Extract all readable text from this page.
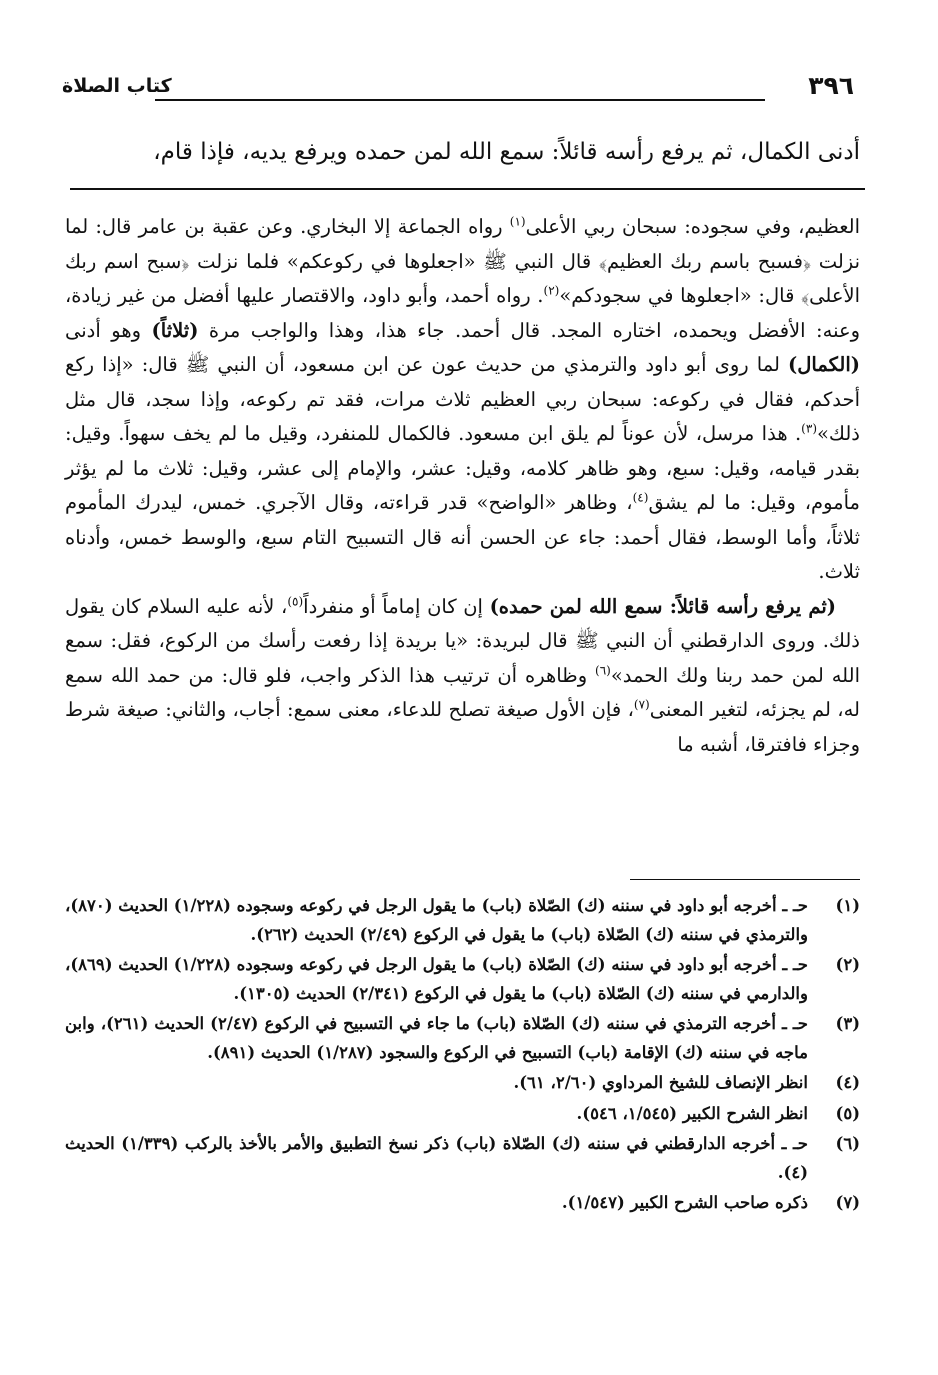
٣٩٦
كتاب الصلاة
أدنى الكمال، ثم يرفع رأسه قائلاً: سمع الله لمن حمده ويرفع يديه، فإذا قام،

العظيم، وفي سجوده: سبحان ربي الأعلى$^{(١)}$ رواه الجماعة إلا البخاري. وعن عقبة بن عامر قال: لما نزلت ﴿فسبح باسم ربك العظيم﴾ قال النبي ﷺ «اجعلوها في ركوعكم» فلما نزلت ﴿سبح اسم ربك الأعلى﴾ قال: «اجعلوها في سجودكم»$^{(٢)}$. رواه أحمد، وأبو داود، والاقتصار عليها أفضل من غير زيادة، وعنه: الأفضل ويحمده، اختاره المجد. قال أحمد. جاء هذا، وهذا والواجب مرة (ثلاثاً) وهو أدنى (الكمال) لما روى أبو داود والترمذي من حديث عون عن ابن مسعود، أن النبي ﷺ قال: «إذا ركع أحدكم، فقال في ركوعه: سبحان ربي العظيم ثلاث مرات، فقد تم ركوعه، وإذا سجد، قال مثل ذلك»$^{(٣)}$. هذا مرسل، لأن عوناً لم يلق ابن مسعود. فالكمال للمنفرد، وقيل ما لم يخف سهواً. وقيل: بقدر قيامه، وقيل: سبع، وهو ظاهر كلامه، وقيل: عشر، والإمام إلى عشر، وقيل: ثلاث ما لم يؤثر مأموم، وقيل: ما لم يشق$^{(٤)}$، وظاهر «الواضح» قدر قراءته، وقال الآجري. خمس، ليدرك المأموم ثلاثاً، وأما الوسط، فقال أحمد: جاء عن الحسن أنه قال التسبيح التام سبع، والوسط خمس، وأدناه ثلاث.

(ثم يرفع رأسه قائلاً: سمع الله لمن حمده) إن كان إماماً أو منفرداً$^{(٥)}$، لأنه عليه السلام كان يقول ذلك. وروى الدارقطني أن النبي ﷺ قال لبريدة: «يا بريدة إذا رفعت رأسك من الركوع، فقل: سمع الله لمن حمد ربنا ولك الحمد»$^{(٦)}$ وظاهره أن ترتيب هذا الذكر واجب، فلو قال: من حمد الله سمع له، لم يجزئه، لتغير المعنى$^{(٧)}$، فإن الأول صيغة تصلح للدعاء، معنى سمع: أجاب، والثاني: صيغة شرط وجزاء فافترقا، أشبه ما

(١)
حـ ـ أخرجه أبو داود في سننه (ك) الصّلاة (باب) ما يقول الرجل في ركوعه وسجوده (١/٢٢٨) الحديث (٨٧٠)، والترمذي في سننه (ك) الصّلاة (باب) ما يقول في الركوع (٢/٤٩) الحديث (٢٦٢).
(٢)
حـ ـ أخرجه أبو داود في سننه (ك) الصّلاة (باب) ما يقول الرجل في ركوعه وسجوده (١/٢٢٨) الحديث (٨٦٩)، والدارمي في سننه (ك) الصّلاة (باب) ما يقول في الركوع (٢/٣٤١) الحديث (١٣٠٥).
(٣)
حـ ـ أخرجه الترمذي في سننه (ك) الصّلاة (باب) ما جاء في التسبيح في الركوع (٢/٤٧) الحديث (٢٦١)، وابن ماجه في سننه (ك) الإقامة (باب) التسبيح في الركوع والسجود (١/٢٨٧) الحديث (٨٩١).
(٤)
انظر الإنصاف للشيخ المرداوي (٢/٦٠، ٦١).
(٥)
انظر الشرح الكبير (١/٥٤٥، ٥٤٦).
(٦)
حـ ـ أخرجه الدارقطني في سننه (ك) الصّلاة (باب) ذكر نسخ التطبيق والأمر بالأخذ بالركب (١/٣٣٩) الحديث (٤).
(٧)
ذكره صاحب الشرح الكبير (١/٥٤٧).
